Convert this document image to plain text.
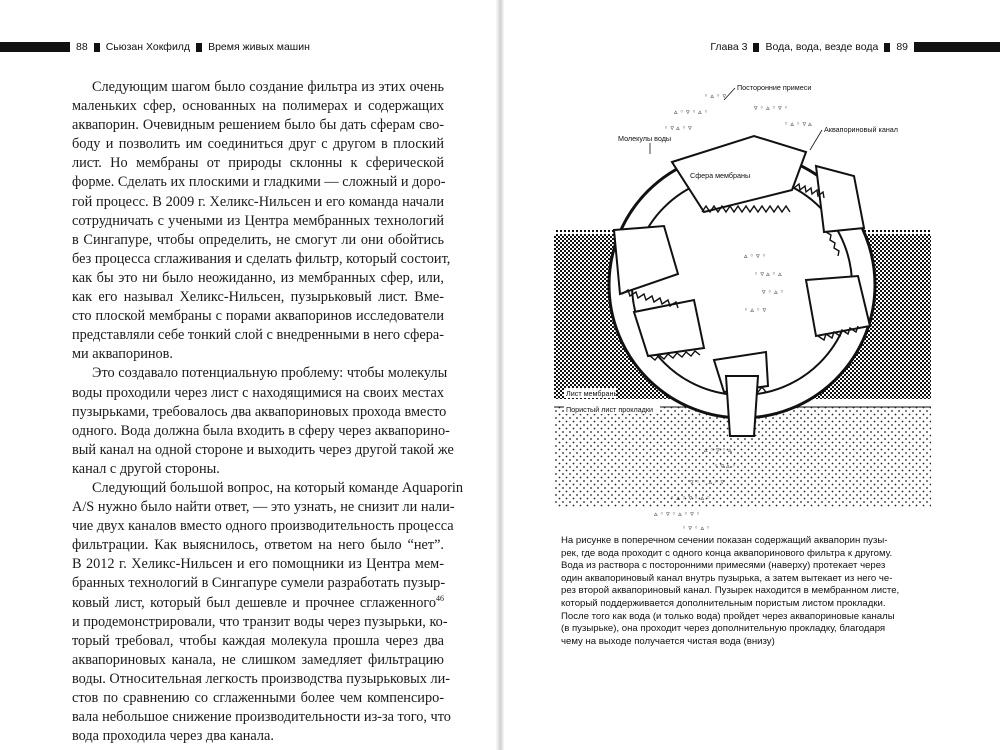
88 Сьюзан Хокфилд Время живых машин
Следующим шагом было создание фильтра из этих очень
маленьких сфер, основанных на полимерах и содержащих
аквапорин. Очевидным решением было бы дать сферам сво-
боду и позволить им соединиться друг с другом в плоский
лист. Но мембраны от природы склонны к сферической
форме. Сделать их плоскими и гладкими — сложный и доро-
гой процесс. В 2009 г. Хеликс-Нильсен и его команда начали
сотрудничать с учеными из Центра мембранных технологий
в Сингапуре, чтобы определить, не смогут ли они обойтись
без процесса сглаживания и сделать фильтр, который состоит,
как бы это ни было неожиданно, из мембранных сфер, или,
как его называл Хеликс-Нильсен, пузырьковый лист. Вме-
сто плоской мембраны с порами аквапоринов исследователи
представляли себе тонкий слой с внедренными в него сфера-
ми аквапоринов.
Это создавало потенциальную проблему: чтобы молекулы
воды проходили через лист с находящимися на своих местах
пузырьками, требовалось два аквапориновых прохода вместо
одного. Вода должна была входить в сферу через аквапорино-
вый канал на одной стороне и выходить через другой такой же
канал с другой стороны.
Следующий большой вопрос, на который команде Aquaporin
A/S нужно было найти ответ, — это узнать, не снизит ли нали-
чие двух каналов вместо одного производительность процесса
фильтрации. Как выяснилось, ответом на него было “нет”.
В 2012 г. Хеликс-Нильсен и его помощники из Центра мем-
бранных технологий в Сингапуре сумели разработать пузыр-
ковый лист, который был дешевле и прочнее сглаженного$^{46}$
и продемонстрировали, что транзит воды через пузырьки, ко-
торый требовал, чтобы каждая молекула прошла через два
аквапориновых канала, не слишком замедляет фильтрацию
воды. Относительная легкость производства пузырьковых ли-
стов по сравнению со сглаженными более чем компенсиро-
вала небольшое снижение производительности из-за того, что
вода проходила через два канала.
Глава 3 Вода, вода, везде вода 89
◦ ▵ ◦ ▿
▵ ◦ ▿ ◦ ▵ ◦
◦ ▿ ▵ ◦ ▿
▿ ◦ ▵ ◦ ▿ ◦
◦ ▵ ◦ ▿ ▵
▵ ◦ ▿ ◦
◦ ▿ ▵ ◦ ▵
▿ ◦ ▵ ◦
◦ ▵ ◦ ▿
▵ ◦ ▿ ◦ ▵
◦ ▿ ▵ ◦
▿ ◦ ◦ ▵ ◦ ▿
◦ ▵ ◦ ▿ ◦ ▵ ◦
▵ ◦ ▿ ◦ ▵ ◦ ▿ ◦
◦ ▿ ◦ ▵ ◦
Посторонние примеси
Аквапориновый канал
Молекулы воды
Сфера мембраны
Лист мембраны
Пористый лист прокладки
На рисунке в поперечном сечении показан содержащий аквапорин пузы-
рек, где вода проходит с одного конца аквапоринового фильтра к другому.
Вода из раствора с посторонними примесями (наверху) протекает через
один аквапориновый канал внутрь пузырька, а затем вытекает из него че-
рез второй аквапориновый канал. Пузырек находится в мембранном листе,
который поддерживается дополнительным пористым листом прокладки.
После того как вода (и только вода) пройдет через аквапориновые каналы
(в пузырьке), она проходит через дополнительную прокладку, благодаря
чему на выходе получается чистая вода (внизу)
